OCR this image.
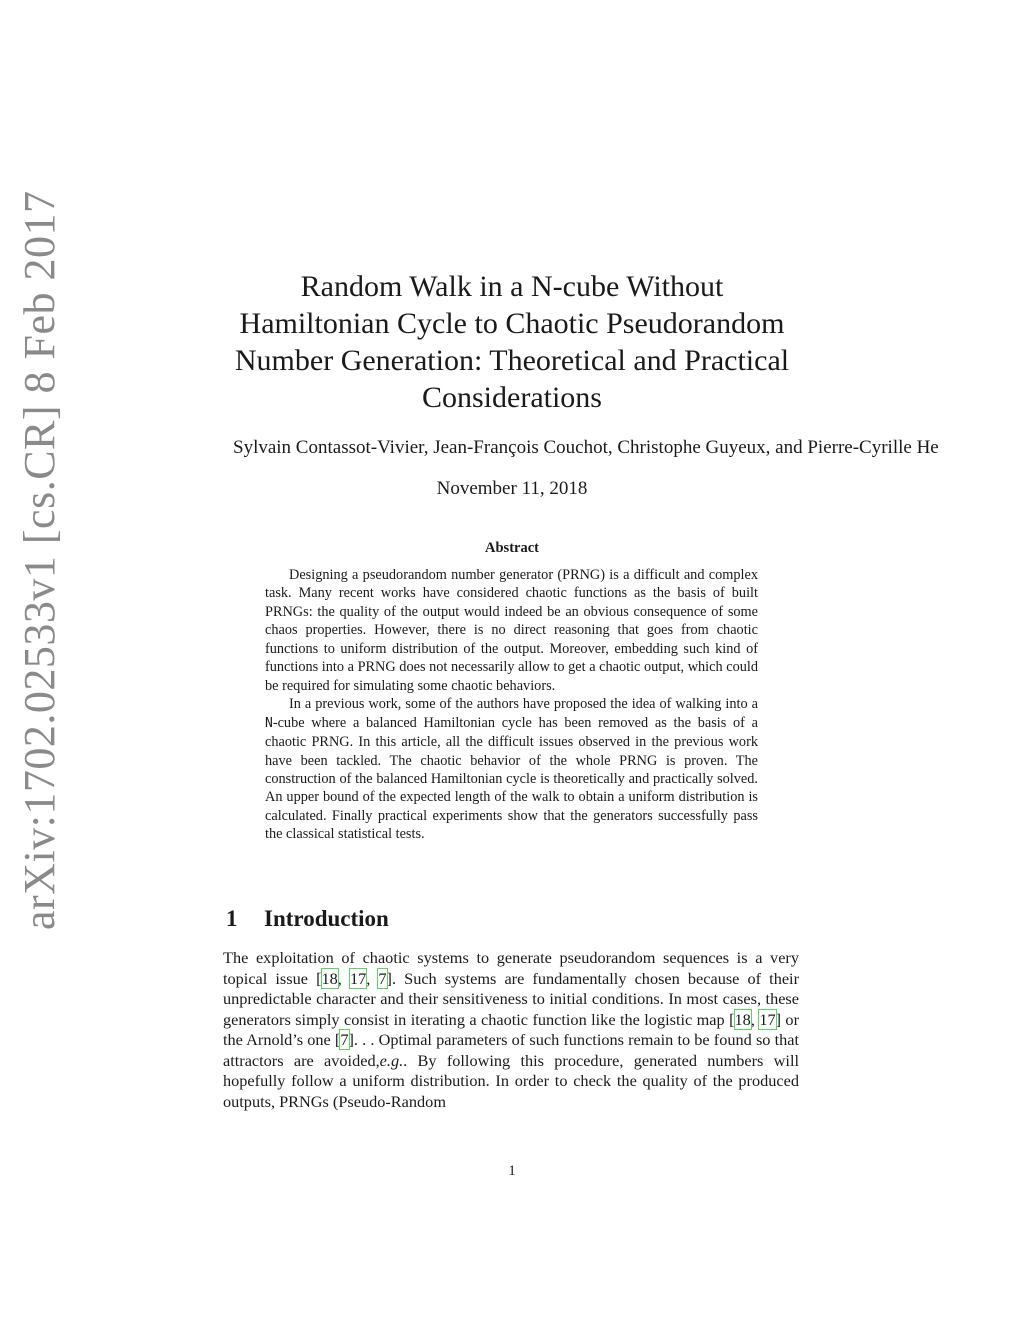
arXiv:1702.02533v1 [cs.CR] 8 Feb 2017	Random Walk in a N-cube Without
Hamiltonian Cycle to Chaotic Pseudorandom
Number Generation: Theoretical and Practical
Considerations
Sylvain Contassot-Vivier, Jean-François Couchot, Christophe Guyeux, and Pierre-Cyrille He
November 11, 2018
Abstract

Designing a pseudorandom number generator (PRNG) is a difficult and complex task. Many recent works have considered chaotic functions as the basis of built PRNGs: the quality of the output would indeed be an obvious consequence of some chaos properties. However, there is no direct reasoning that goes from chaotic functions to uniform distribution of the output. Moreover, embedding such kind of functions into a PRNG does not necessarily allow to get a chaotic output, which could be required for simulating some chaotic behaviors.

In a previous work, some of the authors have proposed the idea of walking into a N-cube where a balanced Hamiltonian cycle has been removed as the basis of a chaotic PRNG. In this article, all the difficult issues observed in the previous work have been tackled. The chaotic behavior of the whole PRNG is proven. The construction of the balanced Hamiltonian cycle is theoretically and practically solved. An upper bound of the expected length of the walk to obtain a uniform distribution is calculated. Finally practical experiments show that the generators successfully pass the classical statistical tests.

1 Introduction

The exploitation of chaotic systems to generate pseudorandom sequences is a very topical issue [18, 17, 7]. Such systems are fundamentally chosen because of their unpredictable character and their sensitiveness to initial conditions. In most cases, these generators simply consist in iterating a chaotic function like the logistic map [18, 17] or the Arnold’s one [7]. . . Optimal parameters of such functions remain to be found so that attractors are avoided,e.g.. By following this procedure, generated numbers will hopefully follow a uniform distribution. In order to check the quality of the produced outputs, PRNGs (Pseudo-Random

1
